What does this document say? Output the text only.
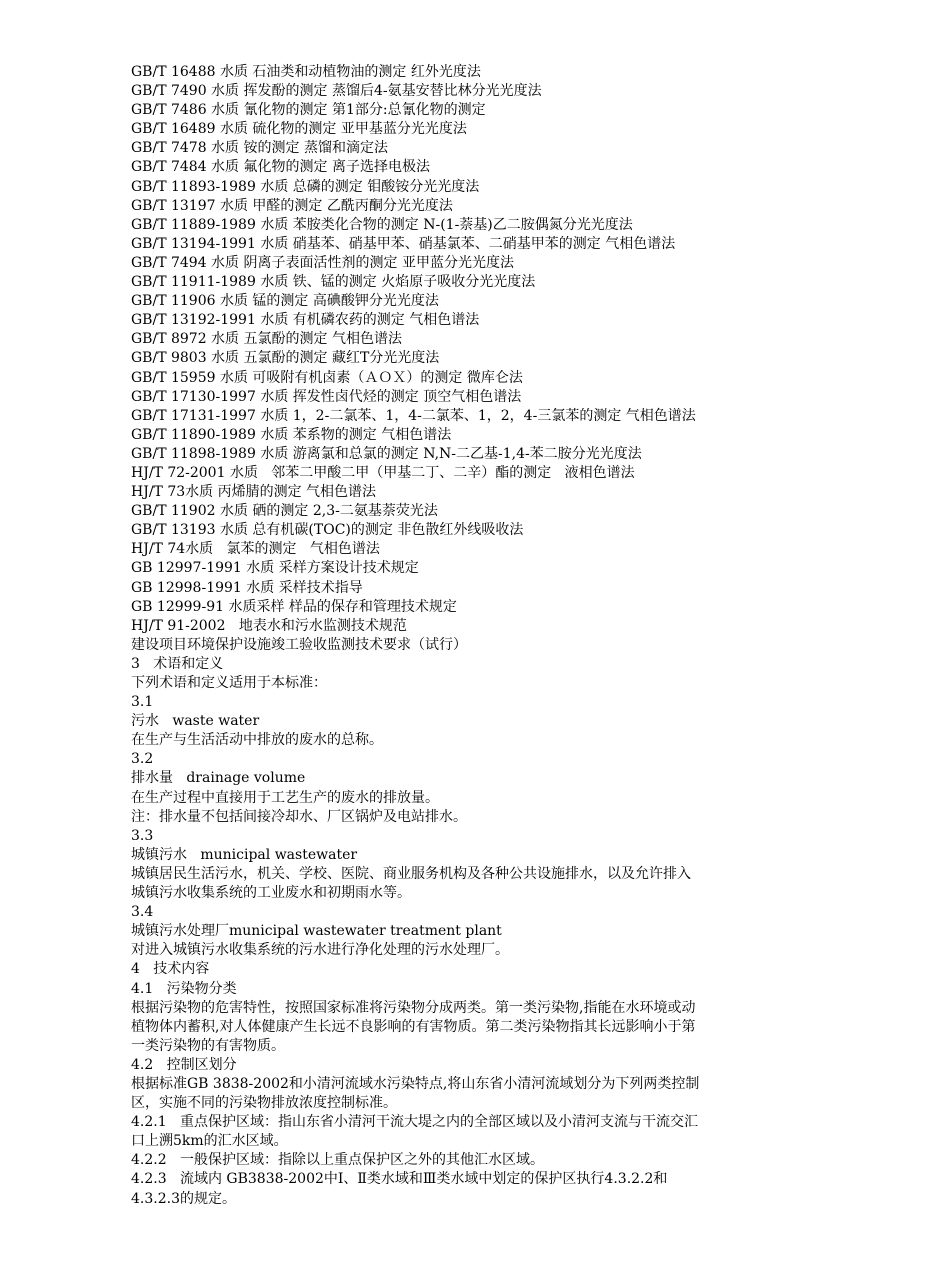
GB/T 16488 水质 石油类和动植物油的测定 红外光度法
GB/T 7490 水质 挥发酚的测定 蒸馏后4-氨基安替比林分光光度法
GB/T 7486 水质 氰化物的测定 第1部分:总氰化物的测定
GB/T 16489 水质 硫化物的测定 亚甲基蓝分光光度法
GB/T 7478 水质 铵的测定 蒸馏和滴定法
GB/T 7484 水质 氟化物的测定 离子选择电极法
GB/T 11893-1989 水质 总磷的测定 钼酸铵分光光度法
GB/T 13197 水质 甲醛的测定 乙酰丙酮分光光度法
GB/T 11889-1989 水质 苯胺类化合物的测定 N-(1-萘基)乙二胺偶氮分光光度法
GB/T 13194-1991 水质 硝基苯、硝基甲苯、硝基氯苯、二硝基甲苯的测定 气相色谱法
GB/T 7494 水质 阴离子表面活性剂的测定 亚甲蓝分光光度法
GB/T 11911-1989 水质 铁、锰的测定 火焰原子吸收分光光度法
GB/T 11906 水质 锰的测定 高碘酸钾分光光度法
GB/T 13192-1991 水质 有机磷农药的测定 气相色谱法
GB/T 8972 水质 五氯酚的测定 气相色谱法
GB/T 9803 水质 五氯酚的测定 藏红T分光光度法
GB/T 15959 水质 可吸附有机卤素（ＡＯＸ）的测定 微库仑法
GB/T 17130-1997 水质 挥发性卤代烃的测定 顶空气相色谱法
GB/T 17131-1997 水质 1，2-二氯苯、1，4-二氯苯、1，2，4-三氯苯的测定 气相色谱法
GB/T 11890-1989 水质 苯系物的测定 气相色谱法
GB/T 11898-1989 水质 游离氯和总氯的测定 N,N-二乙基-1,4-苯二胺分光光度法
HJ/T 72-2001 水质   邻苯二甲酸二甲（甲基二丁、二辛）酯的测定   液相色谱法
HJ/T 73水质 丙烯腈的测定 气相色谱法
GB/T 11902 水质 硒的测定 2,3-二氨基萘荧光法
GB/T 13193 水质 总有机碳(TOC)的测定 非色散红外线吸收法
HJ/T 74水质   氯苯的测定   气相色谱法
GB 12997-1991 水质 采样方案设计技术规定
GB 12998-1991 水质 采样技术指导
GB 12999-91 水质采样 样品的保存和管理技术规定
HJ/T 91-2002   地表水和污水监测技术规范
建设项目环境保护设施竣工验收监测技术要求（试行）
3   术语和定义
下列术语和定义适用于本标准：
3.1
污水   waste water
在生产与生活活动中排放的废水的总称。
3.2
排水量   drainage volume
在生产过程中直接用于工艺生产的废水的排放量。
注：排水量不包括间接冷却水、厂区锅炉及电站排水。
3.3
城镇污水   municipal wastewater
城镇居民生活污水，机关、学校、医院、商业服务机构及各种公共设施排水，以及允许排入
城镇污水收集系统的工业废水和初期雨水等。
3.4
城镇污水处理厂municipal wastewater treatment plant
对进入城镇污水收集系统的污水进行净化处理的污水处理厂。
4   技术内容
4.1   污染物分类
根据污染物的危害特性，按照国家标准将污染物分成两类。第一类污染物,指能在水环境或动
植物体内蓄积,对人体健康产生长远不良影响的有害物质。第二类污染物指其长远影响小于第
一类污染物的有害物质。
4.2   控制区划分
根据标准GB 3838-2002和小清河流域水污染特点,将山东省小清河流域划分为下列两类控制
区，实施不同的污染物排放浓度控制标准。
4.2.1   重点保护区域：指山东省小清河干流大堤之内的全部区域以及小清河支流与干流交汇
口上溯5km的汇水区域。
4.2.2   一般保护区域：指除以上重点保护区之外的其他汇水区域。
4.2.3   流域内 GB3838-2002中Ⅰ、Ⅱ类水域和Ⅲ类水域中划定的保护区执行4.3.2.2和
4.3.2.3的规定。
